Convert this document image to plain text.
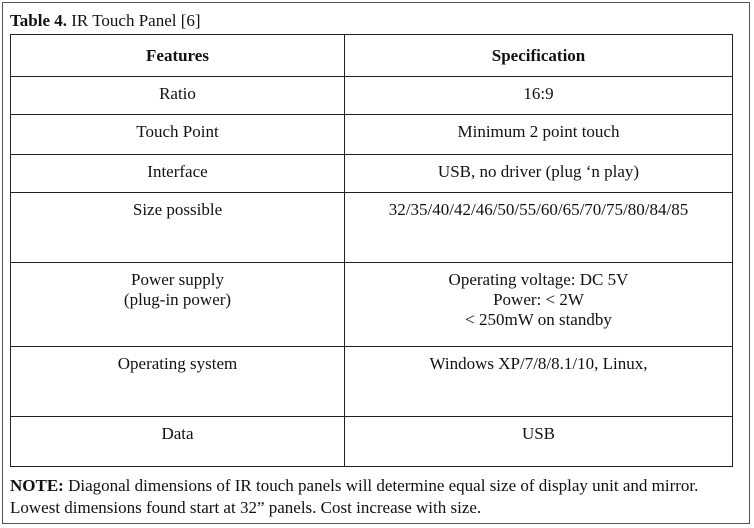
Table 4. IR Touch Panel [6]
Features	Specification

Ratio	16:9

Touch Point	Minimum 2 point touch

Interface	USB, no driver (plug ‘n play)

Size possible	32/35/40/42/46/50/55/60/65/70/75/80/84/85

Power supply
(plug-in power)	Operating voltage: DC 5V
Power: < 2W
< 250mW on standby

Operating system	Windows XP/7/8/8.1/10, Linux,

Data	USB
NOTE: Diagonal dimensions of IR touch panels will determine equal size of display unit and mirror. Lowest dimensions found start at 32” panels. Cost increase with size.
